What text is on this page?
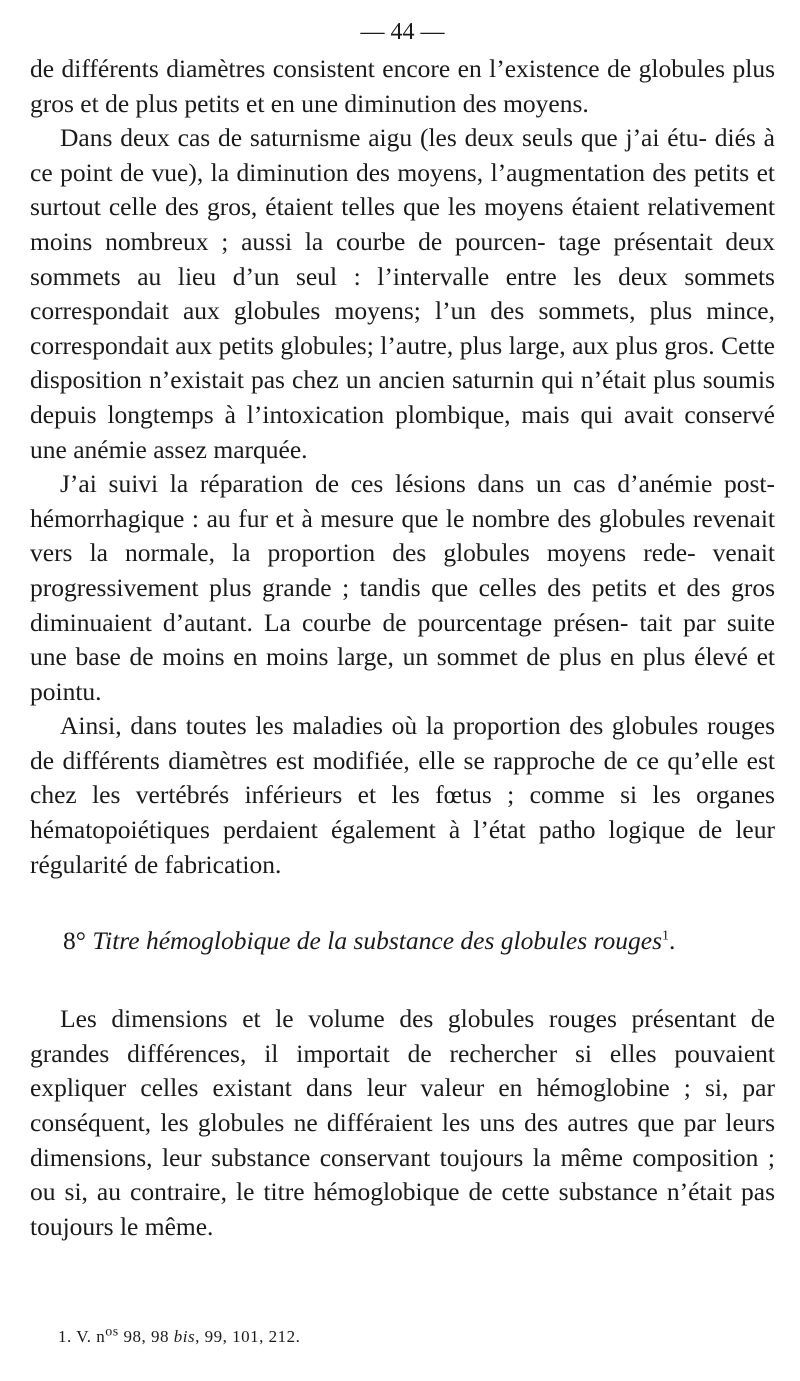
— 44 —

de différents diamètres consistent encore en l’existence de globules plus gros et de plus petits et en une diminution des moyens.

Dans deux cas de saturnisme aigu (les deux seuls que j’ai étu- diés à ce point de vue), la diminution des moyens, l’augmentation des petits et surtout celle des gros, étaient telles que les moyens étaient relativement moins nombreux ; aussi la courbe de pourcen- tage présentait deux sommets au lieu d’un seul : l’intervalle entre les deux sommets correspondait aux globules moyens; l’un des sommets, plus mince, correspondait aux petits globules; l’autre, plus large, aux plus gros. Cette disposition n’existait pas chez un ancien saturnin qui n’était plus soumis depuis longtemps à l’intoxication plombique, mais qui avait conservé une anémie assez marquée.

J’ai suivi la réparation de ces lésions dans un cas d’anémie post- hémorrhagique : au fur et à mesure que le nombre des globules revenait vers la normale, la proportion des globules moyens rede- venait progressivement plus grande ; tandis que celles des petits et des gros diminuaient d’autant. La courbe de pourcentage présen- tait par suite une base de moins en moins large, un sommet de plus en plus élevé et pointu.

Ainsi, dans toutes les maladies où la proportion des globules rouges de différents diamètres est modifiée, elle se rapproche de ce qu’elle est chez les vertébrés inférieurs et les fœtus ; comme si les organes hématopoiétiques perdaient également à l’état patho logique de leur régularité de fabrication.

8° Titre hémoglobique de la substance des globules rouges$^1$.

Les dimensions et le volume des globules rouges présentant de grandes différences, il importait de rechercher si elles pouvaient expliquer celles existant dans leur valeur en hémoglobine ; si, par conséquent, les globules ne différaient les uns des autres que par leurs dimensions, leur substance conservant toujours la même composition ; ou si, au contraire, le titre hémoglobique de cette substance n’était pas toujours le même.

1. V. $n^{os}$ 98, 98 bis, 99, 101, 212.
